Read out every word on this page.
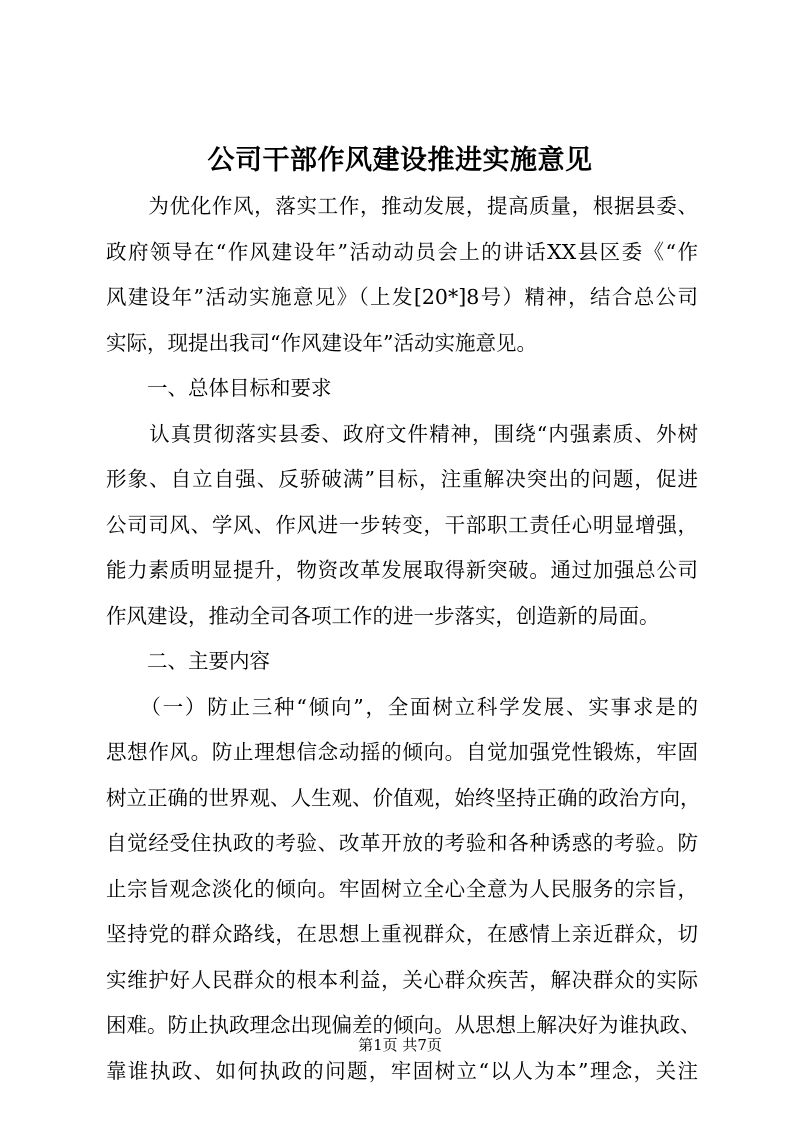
公司干部作风建设推进实施意见
　　为优化作风，落实工作，推动发展，提高质量，根据县委、
政府领导在“作风建设年”活动动员会上的讲话XX县区委《“作
风建设年”活动实施意见》（上发[20*]8号）精神，结合总公司
实际，现提出我司“作风建设年”活动实施意见。
　　一、总体目标和要求
　　认真贯彻落实县委、政府文件精神，围绕“内强素质、外树
形象、自立自强、反骄破满”目标，注重解决突出的问题，促进
公司司风、学风、作风进一步转变，干部职工责任心明显增强，
能力素质明显提升，物资改革发展取得新突破。通过加强总公司
作风建设，推动全司各项工作的进一步落实，创造新的局面。
　　二、主要内容
　　（一）防止三种“倾向”，全面树立科学发展、实事求是的
思想作风。防止理想信念动摇的倾向。自觉加强党性锻炼，牢固
树立正确的世界观、人生观、价值观，始终坚持正确的政治方向，
自觉经受住执政的考验、改革开放的考验和各种诱惑的考验。防
止宗旨观念淡化的倾向。牢固树立全心全意为人民服务的宗旨，
坚持党的群众路线，在思想上重视群众，在感情上亲近群众，切
实维护好人民群众的根本利益，关心群众疾苦，解决群众的实际
困难。防止执政理念出现偏差的倾向。从思想上解决好为谁执政、
靠谁执政、如何执政的问题，牢固树立“以人为本”理念，关注
第1页 共7页
